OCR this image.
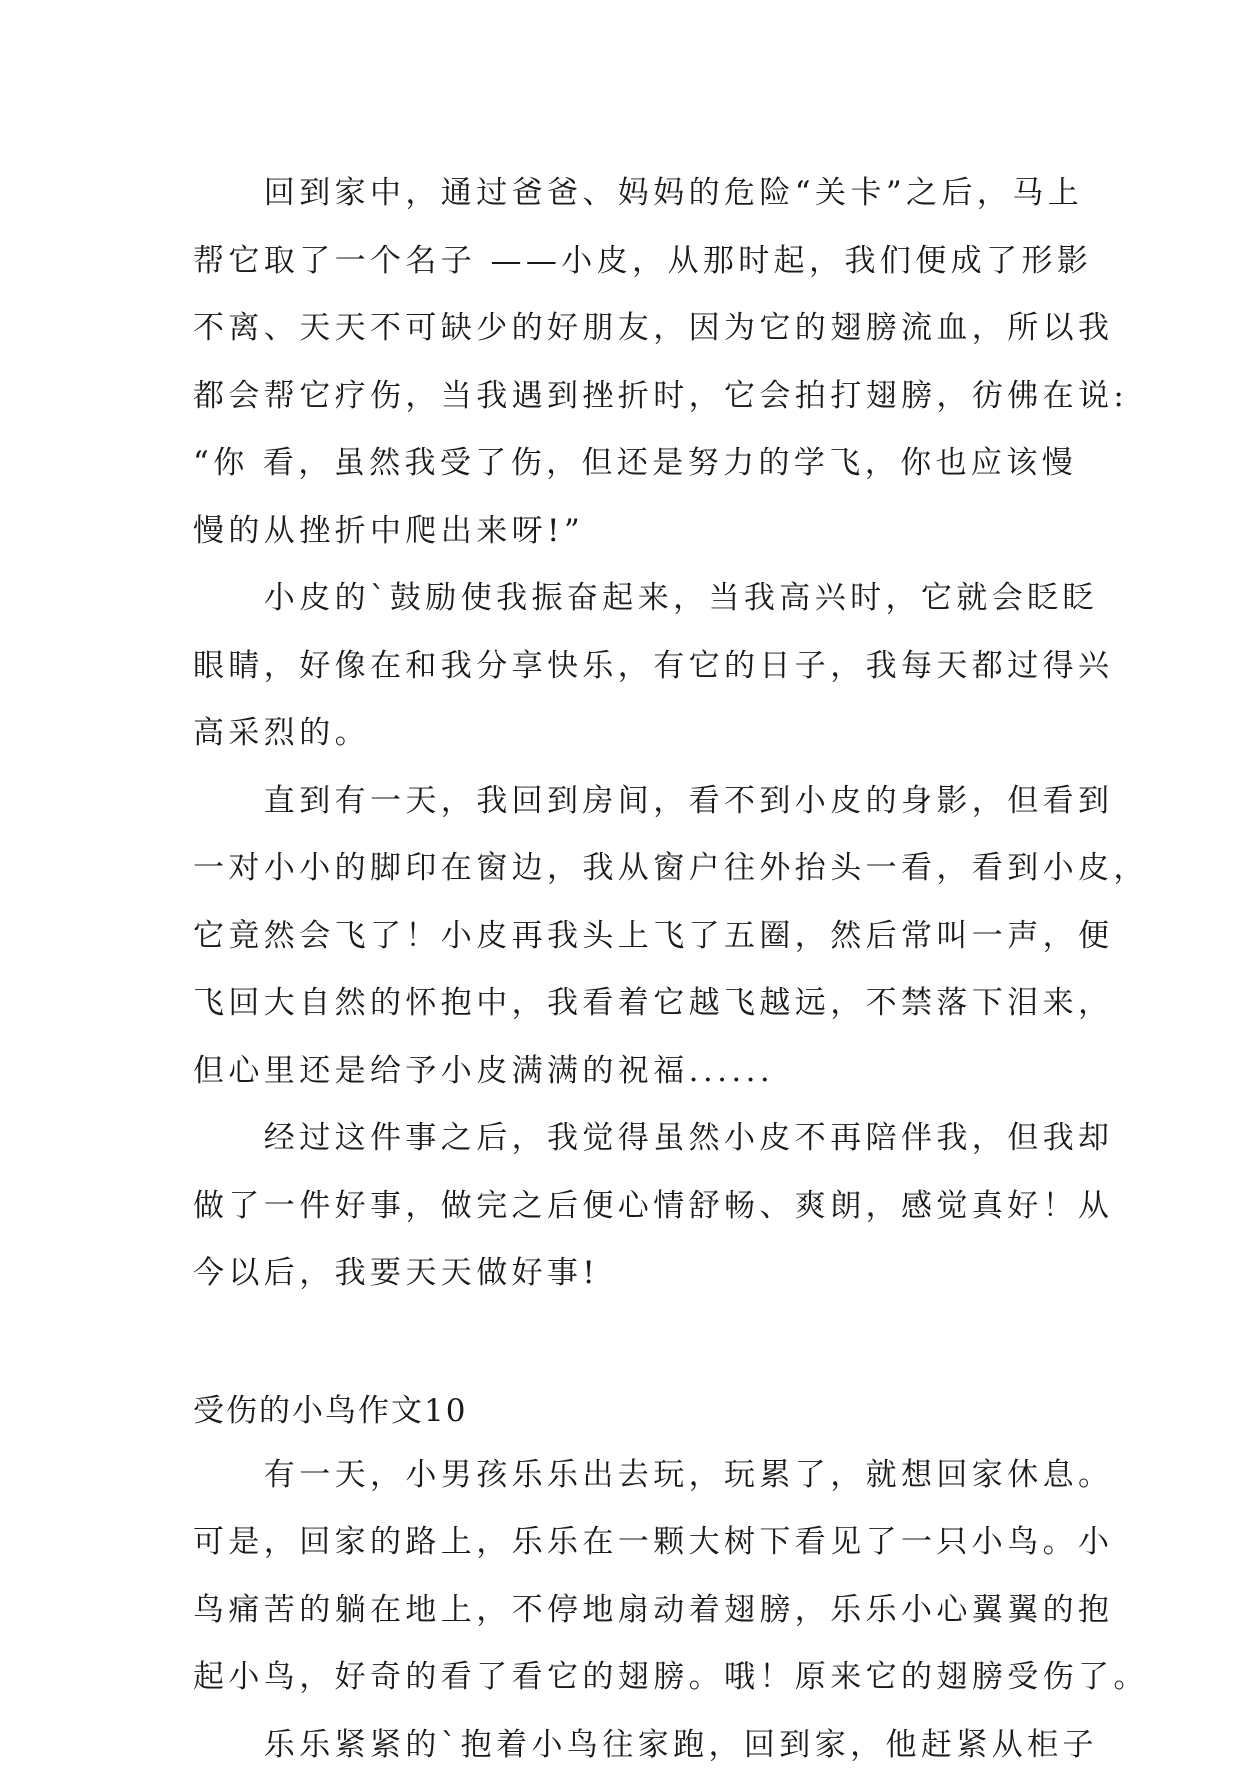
　　回到家中，通过爸爸、妈妈的危险“关卡”之后，马上

帮它取了一个名子 ——小皮，从那时起，我们便成了形影

不离、天天不可缺少的好朋友，因为它的翅膀流血，所以我

都会帮它疗伤，当我遇到挫折时，它会拍打翅膀，彷佛在说:

“你 看，虽然我受了伤，但还是努力的学飞，你也应该慢

慢的从挫折中爬出来呀!”

　　小皮的`鼓励使我振奋起来，当我高兴时，它就会眨眨

眼睛，好像在和我分享快乐，有它的日子，我每天都过得兴

高采烈的。

　　直到有一天，我回到房间，看不到小皮的身影，但看到

一对小小的脚印在窗边，我从窗户往外抬头一看，看到小皮，

它竟然会飞了！小皮再我头上飞了五圈，然后常叫一声，便

飞回大自然的怀抱中，我看着它越飞越远，不禁落下泪来，

但心里还是给予小皮满满的祝福......

　　经过这件事之后，我觉得虽然小皮不再陪伴我，但我却

做了一件好事，做完之后便心情舒畅、爽朗，感觉真好！从

今以后，我要天天做好事!

受伤的小鸟作文10

　　有一天，小男孩乐乐出去玩，玩累了，就想回家休息。

可是，回家的路上，乐乐在一颗大树下看见了一只小鸟。小

鸟痛苦的躺在地上，不停地扇动着翅膀，乐乐小心翼翼的抱

起小鸟，好奇的看了看它的翅膀。哦！原来它的翅膀受伤了。

　　乐乐紧紧的`抱着小鸟往家跑，回到家，他赶紧从柜子
